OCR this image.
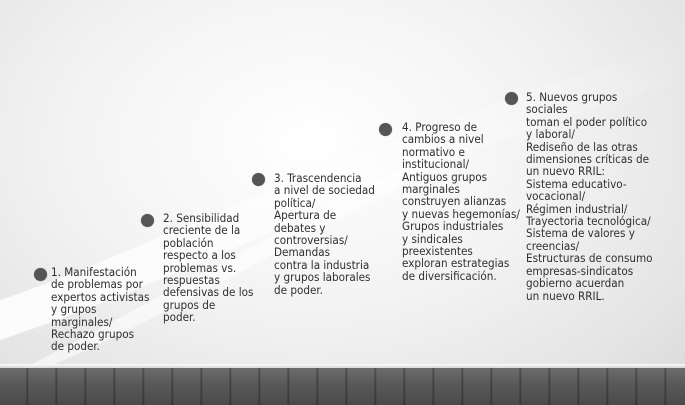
1. Manifestación
de problemas por
expertos activistas
y grupos
marginales/
Rechazo grupos
de poder.
2. Sensibilidad
creciente de la
población
respecto a los
problemas vs.
respuestas
defensivas de los
grupos de
poder.
3. Trascendencia
a nivel de sociedad
política/
Apertura de
debates y
controversias/
Demandas
contra la industria
y grupos laborales
de poder.
4. Progreso de
cambios a nivel
normativo e
institucional/
Antiguos grupos
marginales
construyen alianzas
y nuevas hegemonías/
Grupos industriales
y sindicales
preexistentes
exploran estrategias
de diversificación.
5. Nuevos grupos sociales
toman el poder político
y laboral/
Rediseño de las otras
dimensiones críticas de
un nuevo RRIL:
Sistema educativo-
vocacional/
Régimen industrial/
Trayectoria tecnológica/
Sistema de valores y
creencias/
Estructuras de consumo
empresas-sindicatos
gobierno acuerdan
un nuevo RRIL.
